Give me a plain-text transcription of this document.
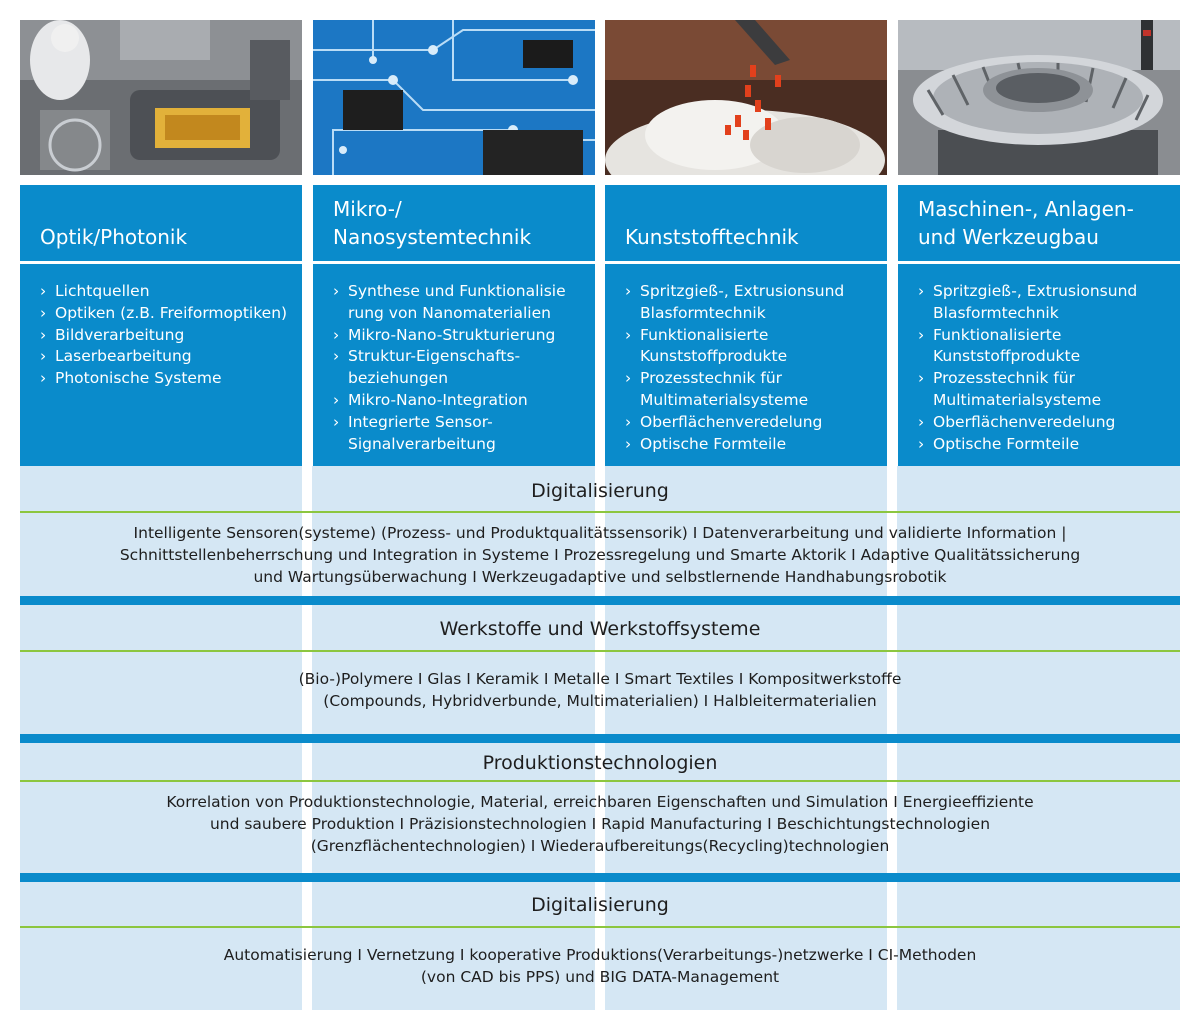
Optik/Photonik
› Lichtquellen
› Optiken (z.B. Freiformoptiken)
› Bildverarbeitung
› Laserbearbeitung
› Photonische Systeme
Mikro-/
Nanosystemtechnik
› Synthese und Funktionalisie
rung von Nanomaterialien
› Mikro-Nano-Strukturierung
› Struktur-Eigenschafts-
beziehungen
› Mikro-Nano-Integration
› Integrierte Sensor-
Signalverarbeitung
Kunststofftechnik
› Spritzgieß-, Extrusionsund
Blasformtechnik
› Funktionalisierte
Kunststoffprodukte
› Prozesstechnik für
Multimaterialsysteme
› Oberflächenveredelung
› Optische Formteile
Maschinen-, Anlagen-
und Werkzeugbau
› Spritzgieß-, Extrusionsund
Blasformtechnik
› Funktionalisierte
Kunststoffprodukte
› Prozesstechnik für
Multimaterialsysteme
› Oberflächenveredelung
› Optische Formteile
Digitalisierung
Intelligente Sensoren(systeme) (Prozess- und Produktqualitätssensorik) I Datenverarbeitung und validierte Information |
Schnittstellenbeherrschung und Integration in Systeme I Prozessregelung und Smarte Aktorik I Adaptive Qualitätssicherung
und Wartungsüberwachung I Werkzeugadaptive und selbstlernende Handhabungsrobotik
Werkstoffe und Werkstoffsysteme
(Bio-)Polymere I Glas I Keramik I Metalle I Smart Textiles I Kompositwerkstoffe
(Compounds, Hybridverbunde, Multimaterialien) I Halbleitermaterialien
Produktionstechnologien
Korrelation von Produktionstechnologie, Material, erreichbaren Eigenschaften und Simulation I Energieeffiziente
und saubere Produktion I Präzisionstechnologien I Rapid Manufacturing I Beschichtungstechnologien
(Grenzflächentechnologien) I Wiederaufbereitungs(Recycling)technologien
Digitalisierung
Automatisierung I Vernetzung I kooperative Produktions(Verarbeitungs-)netzwerke I CI-Methoden
(von CAD bis PPS) und BIG DATA-Management
